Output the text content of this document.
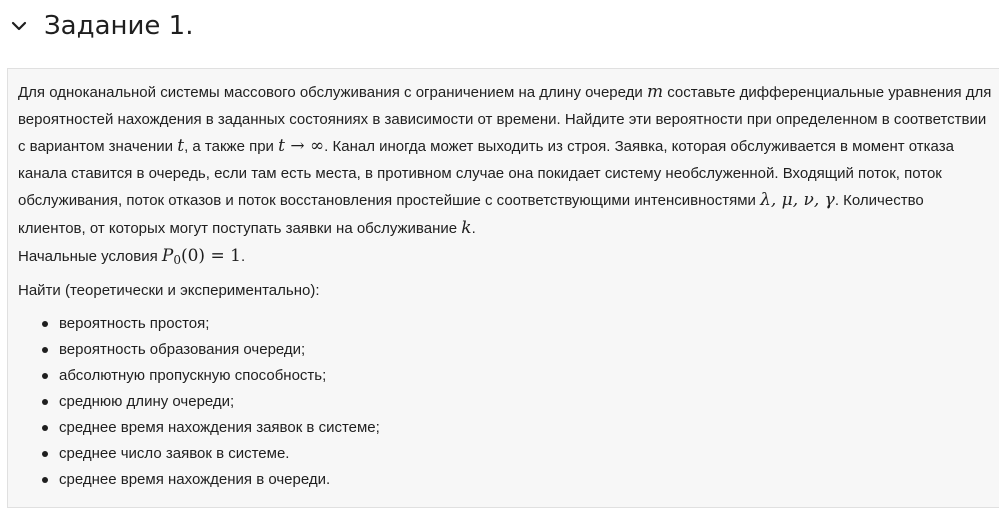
Задание 1.

Для одноканальной системы массового обслуживания с ограничением на длину очереди m составьте дифференциальные уравнения для вероятностей нахождения в заданных состояниях в зависимости от времени. Найдите эти вероятности при определенном в соответствии с вариантом значении t, а также при t → ∞. Канал иногда может выходить из строя. Заявка, которая обслуживается в момент отказа канала ставится в очередь, если там есть места, в противном случае она покидает систему необслуженной. Входящий поток, поток обслуживания, поток отказов и поток восстановления простейшие с соответствующими интенсивностями λ, μ, ν, γ. Количество клиентов, от которых могут поступать заявки на обслуживание k.
Начальные условия $P_0(0) = 1$.

Найти (теоретически и экспериментально):

вероятность простоя;
вероятность образования очереди;
абсолютную пропускную способность;
среднюю длину очереди;
среднее время нахождения заявок в системе;
среднее число заявок в системе.
среднее время нахождения в очереди.
